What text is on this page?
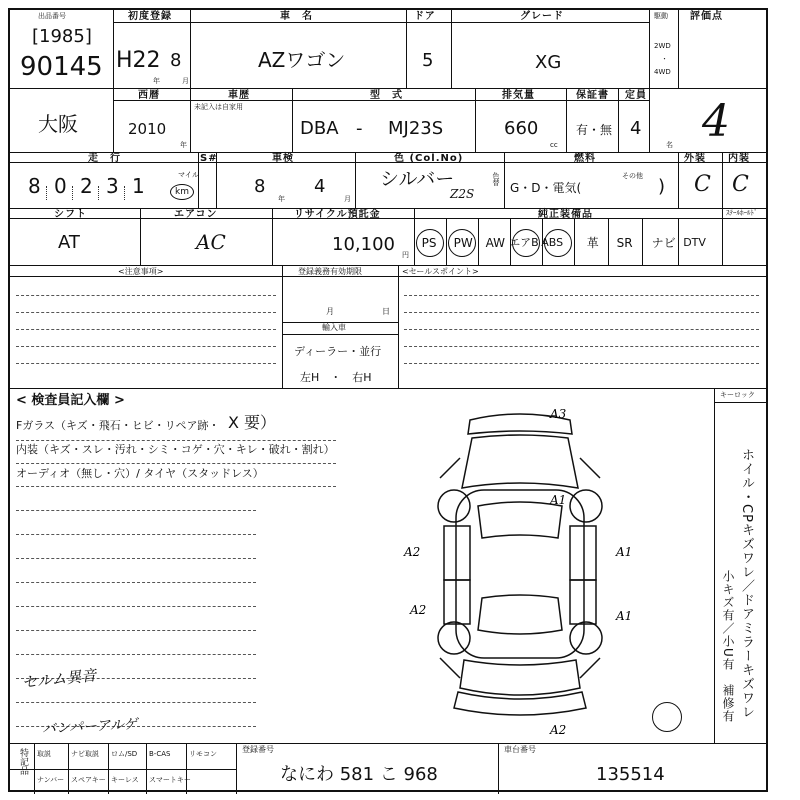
出品番号
[1985]
90145
初度登録
H22 8
年	月
車　名
AZワゴン
ドア
5
グレード
XG
駆動
2WD
・
4WD
評価点
4
大阪
西暦
2010
年
車歴
未記入は自家用
型　式
DBA - MJ23S
排気量
660
cc
保証書
有・無
定員
4
名
走　行
8 0 2 3 1	マイル
km
S#	車検
8
年
4
月
色 (Col.No)
シルバー
Z2S
色替
燃料
G・D・電気(
その他 )
外装
C
内装
C
シフト
AT
エアコン
AC
リサイクル預託金
10,100 円
純正装備品	ｽﾃｰﾙﾎｰﾙﾄﾞ
PS PW AW エアB ABS 革 SR ナビ DTV
<注意事項>	登録義務有効期限
月	日
輸入車
ディーラー・並行
左H　・　右H
<セールスポイント>
< 検査員記入欄 >
Fガラス（キズ・飛石・ヒビ・リペア跡・ X 要）
内装（キズ・スレ・汚れ・シミ・コゲ・穴・キレ・破れ・割れ）
オーディオ（無し・穴）/ タイヤ（スタッドレス）
セルム異音
バンパーアルゲ
A3
A1
A2
A2
A1
A1
A2
キーロック
ホイル・CPキズワレ／ドアミラーキズワレ
小キズ有／小U有　補修有
特記品 取説	ナビ取説 ロム/SD B-CAS	リモコン
ナンバー スペアキー キーレス スマートキー
登録番号
なにわ 581 こ 968
車台番号
135514
